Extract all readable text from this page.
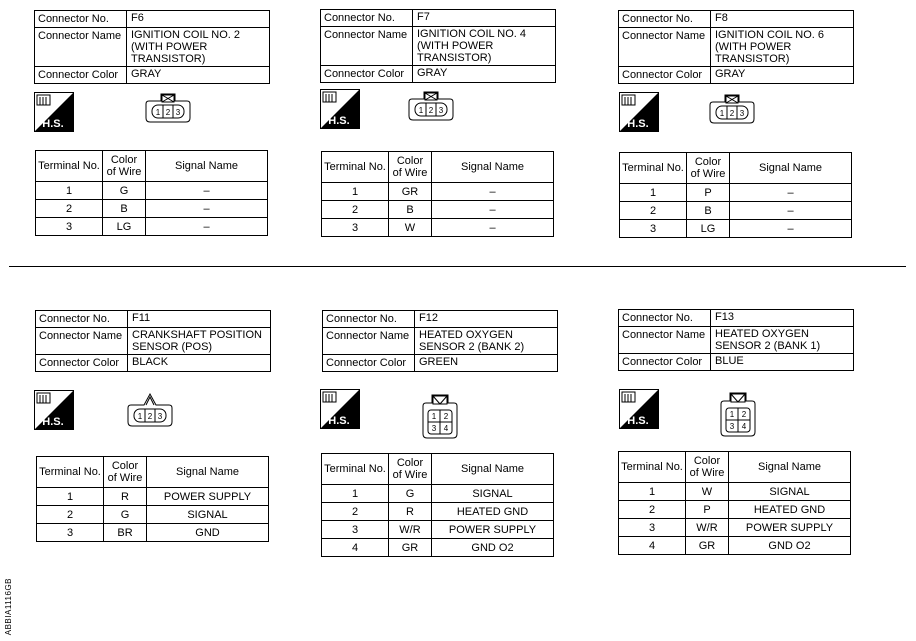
Connector No.	F6
Connector Name	IGNITION COIL NO. 2 (WITH POWER TRANSISTOR)
Connector Color	GRAY
H.S.
1 2 3
Terminal No.	Color of Wire	Signal Name
1	G	–
2	B	–
3	LG	–
Connector No.	F7
Connector Name	IGNITION COIL NO. 4 (WITH POWER TRANSISTOR)
Connector Color	GRAY
H.S.
1 2 3
Terminal No.	Color of Wire	Signal Name
1	GR	–
2	B	–
3	W	–
Connector No.	F8
Connector Name	IGNITION COIL NO. 6 (WITH POWER TRANSISTOR)
Connector Color	GRAY
H.S.
1 2 3
Terminal No.	Color of Wire	Signal Name
1	P	–
2	B	–
3	LG	–
Connector No.	F11
Connector Name	CRANKSHAFT POSITION SENSOR (POS)
Connector Color	BLACK
H.S.	1 2 3
Terminal No.	Color of Wire	Signal Name
1	R	POWER SUPPLY
2	G	SIGNAL
3	BR	GND
Connector No.	F12
Connector Name	HEATED OXYGEN SENSOR 2 (BANK 2)
Connector Color	GREEN
H.S.	1 2
3 4
Terminal No.	Color of Wire	Signal Name
1	G	SIGNAL
2	R	HEATED GND
3	W/R	POWER SUPPLY
4	GR	GND O2
Connector No.	F13
Connector Name	HEATED OXYGEN SENSOR 2 (BANK 1)
Connector Color	BLUE
H.S.
1 2
3 4
Terminal No.	Color of Wire	Signal Name
1	W	SIGNAL
2	P	HEATED GND
3	W/R	POWER SUPPLY
4	GR	GND O2
ABBIA1116GB
